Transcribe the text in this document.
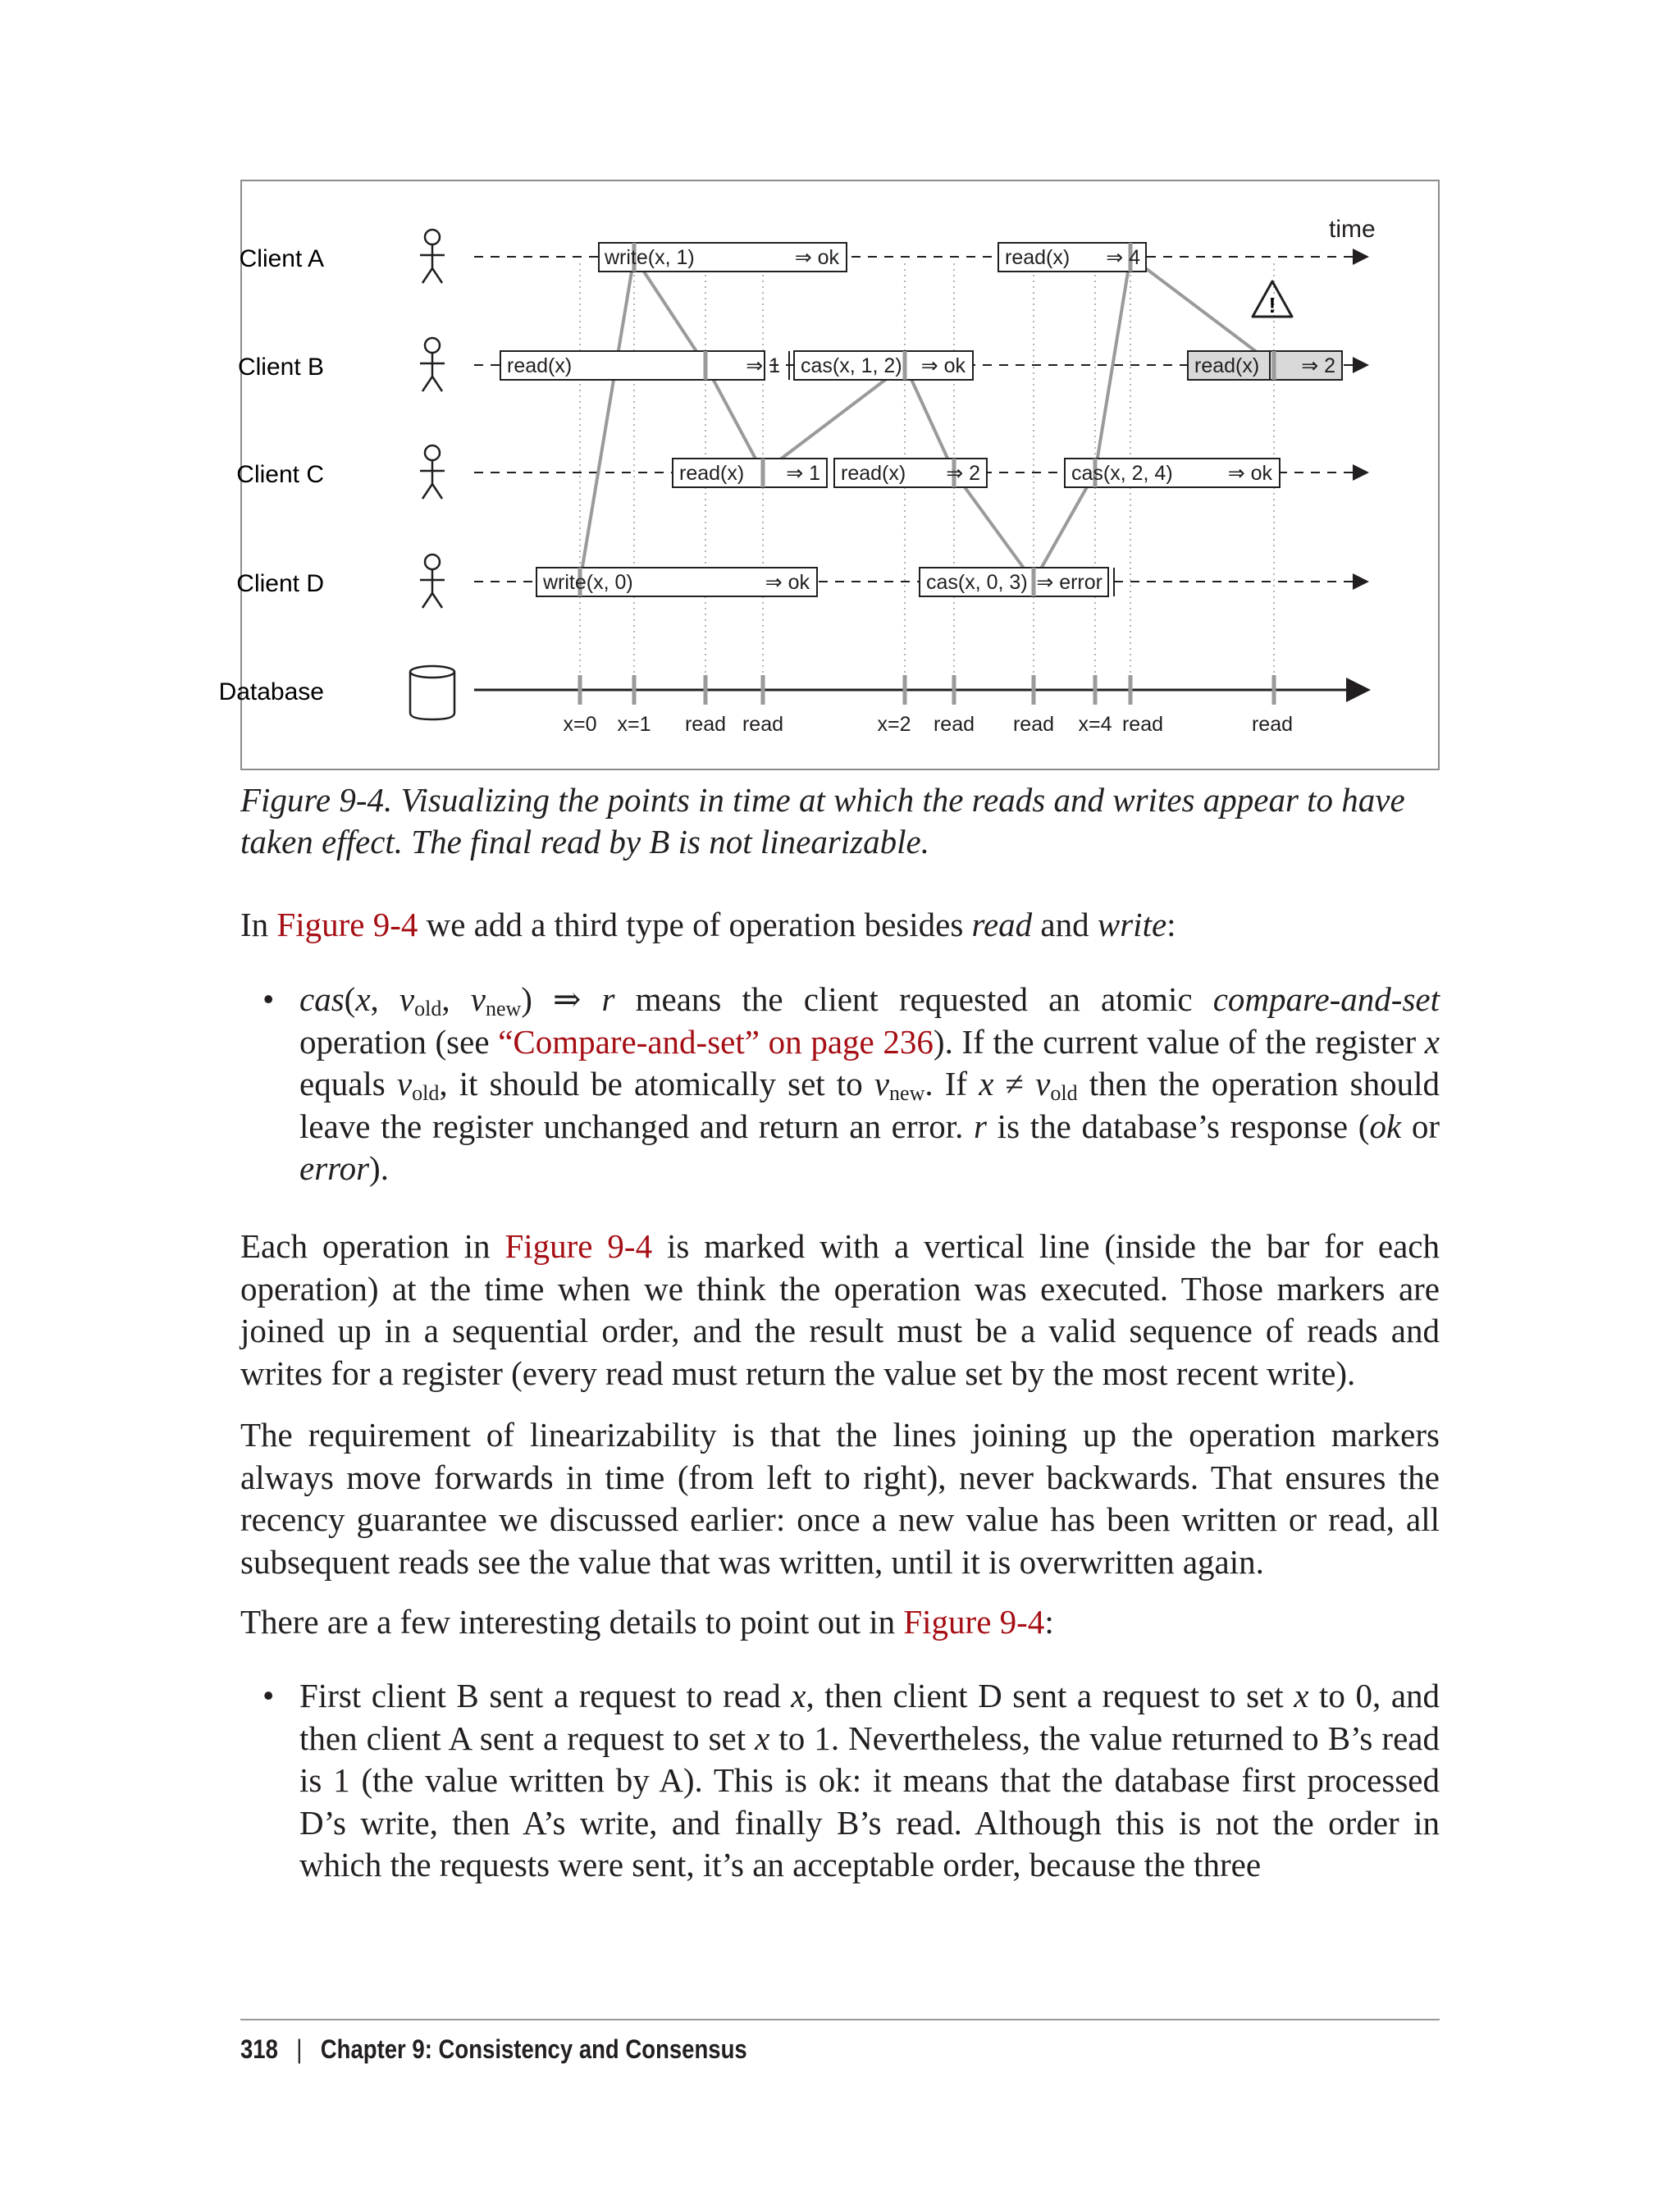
time
Client A
Client B
Client C
Client D
Database
write(x, 1)	⇒ ok	read(x) ⇒ 4
read(x)	⇒ 1 cas(x, 1, 2) ⇒ ok	read(x) ⇒ 2
read(x) ⇒ 1 read(x) ⇒ 2	cas(x, 2, 4)	⇒ ok
write(x, 0)	⇒ ok	cas(x, 0, 3) ⇒ error
!
x=0 x=1 read read	x=2 read read x=4 read	read
Figure 9-4. Visualizing the points in time at which the reads and writes appear to have taken effect. The final read by B is not linearizable.
In Figure 9-4 we add a third type of operation besides read and write:
• cas(x, $v_{old}$, $v_{new}$) ⇒ r means the client requested an atomic compare-and-set operation (see “Compare-and-set” on page 236). If the current value of the register x equals $v_{old}$, it should be atomically set to $v_{new}$. If $x \ne v_{old}$ then the operation should leave the register unchanged and return an error. r is the database’s response (ok or error).
Each operation in Figure 9-4 is marked with a vertical line (inside the bar for each operation) at the time when we think the operation was executed. Those markers are joined up in a sequential order, and the result must be a valid sequence of reads and writes for a register (every read must return the value set by the most recent write).
The requirement of linearizability is that the lines joining up the operation markers always move forwards in time (from left to right), never backwards. That ensures the recency guarantee we discussed earlier: once a new value has been written or read, all subsequent reads see the value that was written, until it is overwritten again.
There are a few interesting details to point out in Figure 9-4:
• First client B sent a request to read x, then client D sent a request to set x to 0, and then client A sent a request to set x to 1. Nevertheless, the value returned to B’s read is 1 (the value written by A). This is ok: it means that the database first processed D’s write, then A’s write, and finally B’s read. Although this is not the order in which the requests were sent, it’s an acceptable order, because the three
318 | Chapter 9: Consistency and Consensus
